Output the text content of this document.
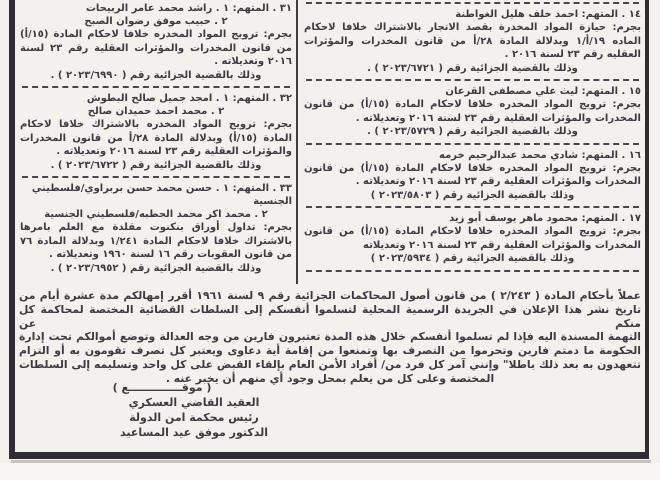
١٤ . المتهم: احمد خلف هليل الغواطنة
بجرم: حيازة المواد المخدرة بقصد الاتجار بالاشتراك خلافا لاحكام الماده ١٩/أ/١ وبدلالة المادة ٢٨/أ من قانون المخدرات والمؤثرات العقليه رقم ٢٣ لسنة ٢٠١٦ .
وذلك بالقضية الجزائية رقم ( ٢٠٢٣/٦٧٢١ ) .
١٥ . المتهم: ليث علي مصطفى القرعان
بجرم: ترويج المواد المخدره خلافا لاحكام المادة (١٥/أ) من قانون المخدرات والمؤثرات العقلية رقم ٢٣ لسنة ٢٠١٦ وتعديلاته .
وذلك بالقضية الجزائية رقم ( ٢٠٢٣/٥٧٢٩ ) .
١٦ . المتهم: شادي محمد عبدالرحيم خرمه
بجرم: ترويج المواد المخدره خلافا لاحكام المادة (١٥/أ) من قانون المخدرات والمؤثرات العقلية رقم ٢٣ لسنة ٢٠١٦ وتعديلاته .
وذلك بالقضية الجزائية رقم ( ٢٠٢٣/٥٨٠٣ )
١٧ . المتهم: محمود ماهر يوسف أبو زيد
بجرم: ترويج المواد المخدره خلافا لاحكام المادة (١٥/أ) من قانون المخدرات والمؤثرات العقلية رقم ٢٣ لسنة ٢٠١٦ وتعديلاته
وذلك بالقضية الجزائية رقم ( ٢٠٢٣/٥٩٣٤ )
٣١ . المتهم: ١ . راشد محمد عامر الربيحات
٢ . حبيب موفق رضوان الصبح
بجرم: ترويج المواد المخدره خلافا لاحكام المادة (١٥/أ) من قانون المخدرات والمؤثرات العقلية رقم ٢٣ لسنة ٢٠١٦ وتعديلاته .
وذلك بالقضية الجزائية رقم ( ٢٠٢٣/٦٩٩٠ ) .
٣٢ . المتهم: ١ . امجد جميل صالح البطوش
٢ . محمد احمد حميدان صالح
بجرم: ترويج المواد المخدره بالاشتراك خلافا لاحكام المادة (١٥/أ) وبدلالة المادة ٢٨/أ من قانون المخدرات والمؤثرات العقلية رقم ٢٣ لسنة ٢٠١٦ وتعديلاته .
وذلك بالقضية الجزائية رقم ( ٢٠٢٣/٦٧٢٢ ) .
٣٣ . المتهم: ١ . حسن محمد حسن بربراوي/فلسطيني الجنسية
٢ . محمد اكر محمد الحطبه/فلسطيني الجنسية
بجرم: تداول أوراق بنكنوت مقلدة مع العلم بامرها بالاشتراك خلافا لاحكام المادة ١/٢٤١ وبدلالة المادة ٧٦ من قانون العقوبات رقم ١٦ لسنة ١٩٦٠ وتعديلاته .
وذلك بالقضية الجزائية رقم ( ٢٠٢٣/٦٩٥٢ ) .
عملاً بأحكام المادة ( ٢/٢٤٣ ) من قانون أصول المحاكمات الجزائية رقم ٩ لسنة ١٩٦١ أقرر إمهالكم مدة عشرة أيام من
تاريخ نشر هذا الإعلان في الجريدة الرسمية المحلية لتسلموا أنفسكم إلى السلطات القضائية المختصة لمحاكمة كل منكم عن
التهمة المسندة اليه فإذا لم تسلموا أنفسكم خلال هذه المدة تعتبرون فارين من وجه العدالة وتوضع أموالكم تحت إدارة
الحكومة ما دمتم فارين وتحرموا من التصرف بها وتمنعوا من إقامة أية دعاوى ويعتبر كل تصرف تقومون به أو التزام
تتعهدون به بعد ذلك باطلا" وإنني آمر كل فرد من/ أفراد الأمن العام بإلقاء القبض على كل واحد وتسليمه إلى السلطات
المختصة وعلى كل من يعلم بمحل وجود أي منهم أن يخبر عنه .
( موقــــــــــــــع )
العقيد القاضي العسكري
رئيس محكمة امن الدولة
الدكتور موفق عيد المساعيد
